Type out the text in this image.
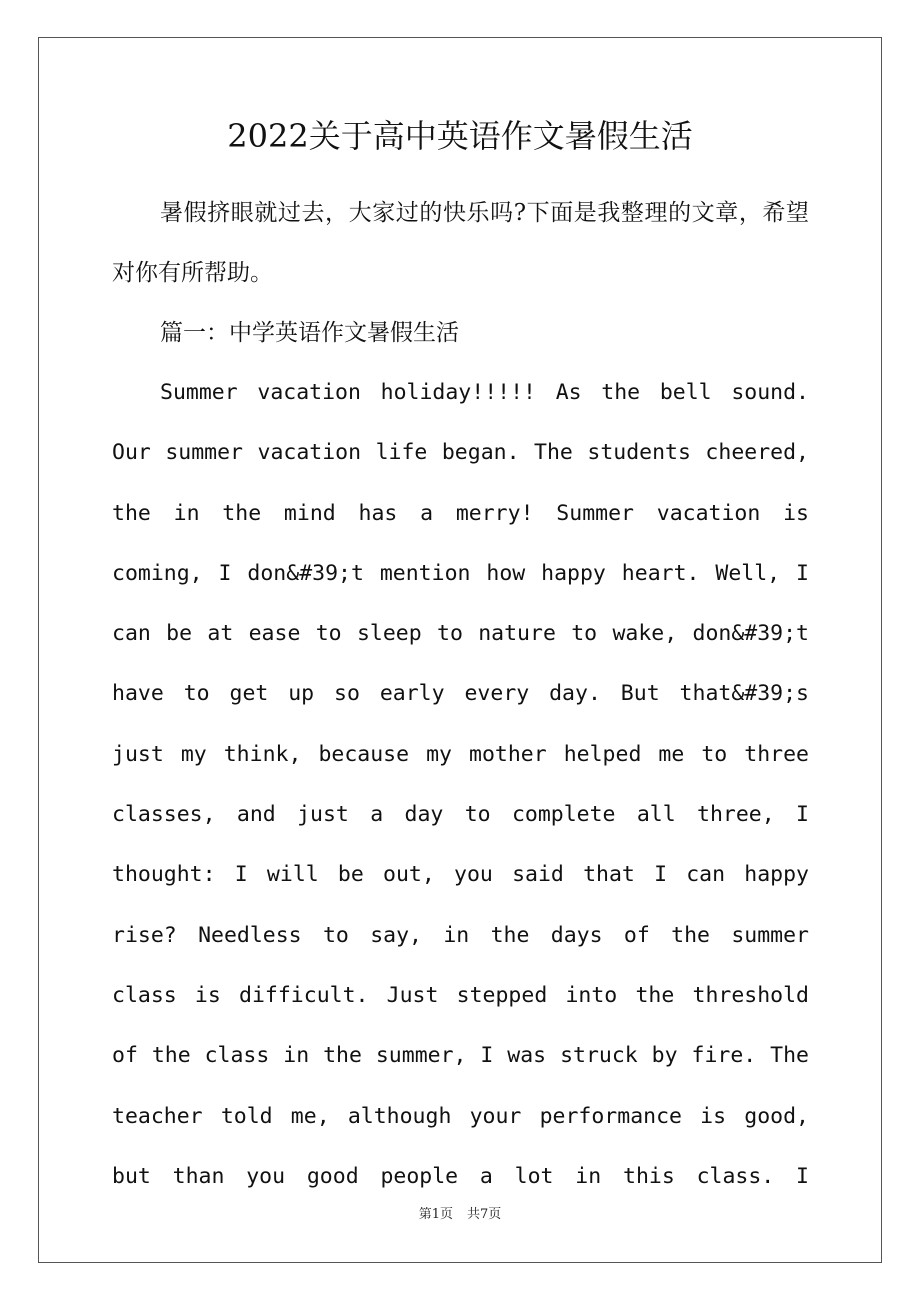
2022关于高中英语作文暑假生活

暑假挤眼就过去，大家过的快乐吗?下面是我整理的文章，希望对你有所帮助。

篇一：中学英语作文暑假生活

Summer vacation holiday!!!!! As the bell sound. Our summer vacation life began. The students cheered, the in the mind has a merry! Summer vacation is coming, I don&#39;t mention how happy heart. Well, I can be at ease to sleep to nature to wake, don&#39;t have to get up so early every day. But that&#39;s just my think, because my mother helped me to three classes, and just a day to complete all three, I thought: I will be out, you said that I can happy rise? Needless to say, in the days of the summer class is difficult. Just stepped into the threshold of the class in the summer, I was struck by fire. The teacher told me, although your performance is good, but than you good people a lot in this class. I

第1页 共7页
